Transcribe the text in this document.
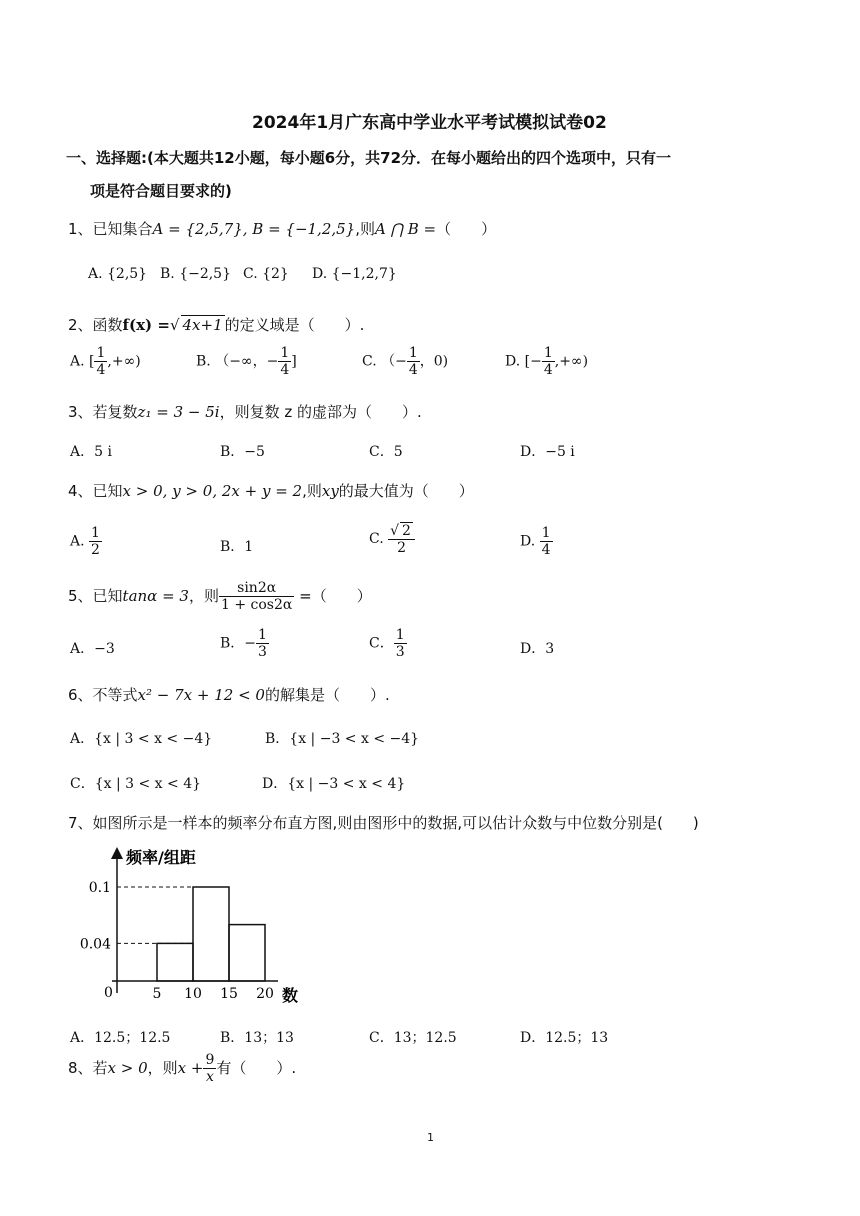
2024年1月广东高中学业水平考试模拟试卷02
一、选择题:(本大题共12小题，每小题6分，共72分．在每小题给出的四个选项中，只有一
项是符合题目要求的)
1、已知集合A = {2,5,7}, B = {−1,2,5},则A ⋂ B =（　　）
A. {2,5} B. {−2,5} C. {2} D. {−1,2,7}
2、函数f(x) =√ 4x+1 的定义域是（　　）.
A. [ $\frac{1}{4}$ ,+∞)	B. （−∞，− $\frac{1}{4}$ ]	C. （− $\frac{1}{4}$ ，0)	D. [− $\frac{1}{4}$ ,+∞)
3、若复数z₁ = 3 − 5i，则复数 z 的虚部为（　　）.
A．5 i	B．−5	C．5	D．−5 i
4、已知x > 0, y > 0, 2x + y = 2,则xy的最大值为（　　）
A. $\frac{1}{2}$	B．1	C. $\frac{√ 2}{2}$	D. $\frac{1}{4}$
5、已知tanα = 3，则 $\frac{\sin 2\alpha}{1 + \cos 2\alpha}$ =（　　）
A．−3	B．− $\frac{1}{3}$	C． $\frac{1}{3}$	D．3
6、不等式x² − 7x + 12 < 0的解集是（　　）.
A．{x | 3 < x < −4}	B．{x | −3 < x < −4}
C．{x | 3 < x < 4}	D．{x | −3 < x < 4}
7、如图所示是一样本的频率分布直方图,则由图形中的数据,可以估计众数与中位数分别是(　　)
频率/组距
数
0
0.04
0.1
5 10 15 20
A．12.5；12.5	B．13；13	C．13；12.5	D．12.5；13
8、若x > 0，则$x + \frac{9}{x}$ 有（　　）.
1
